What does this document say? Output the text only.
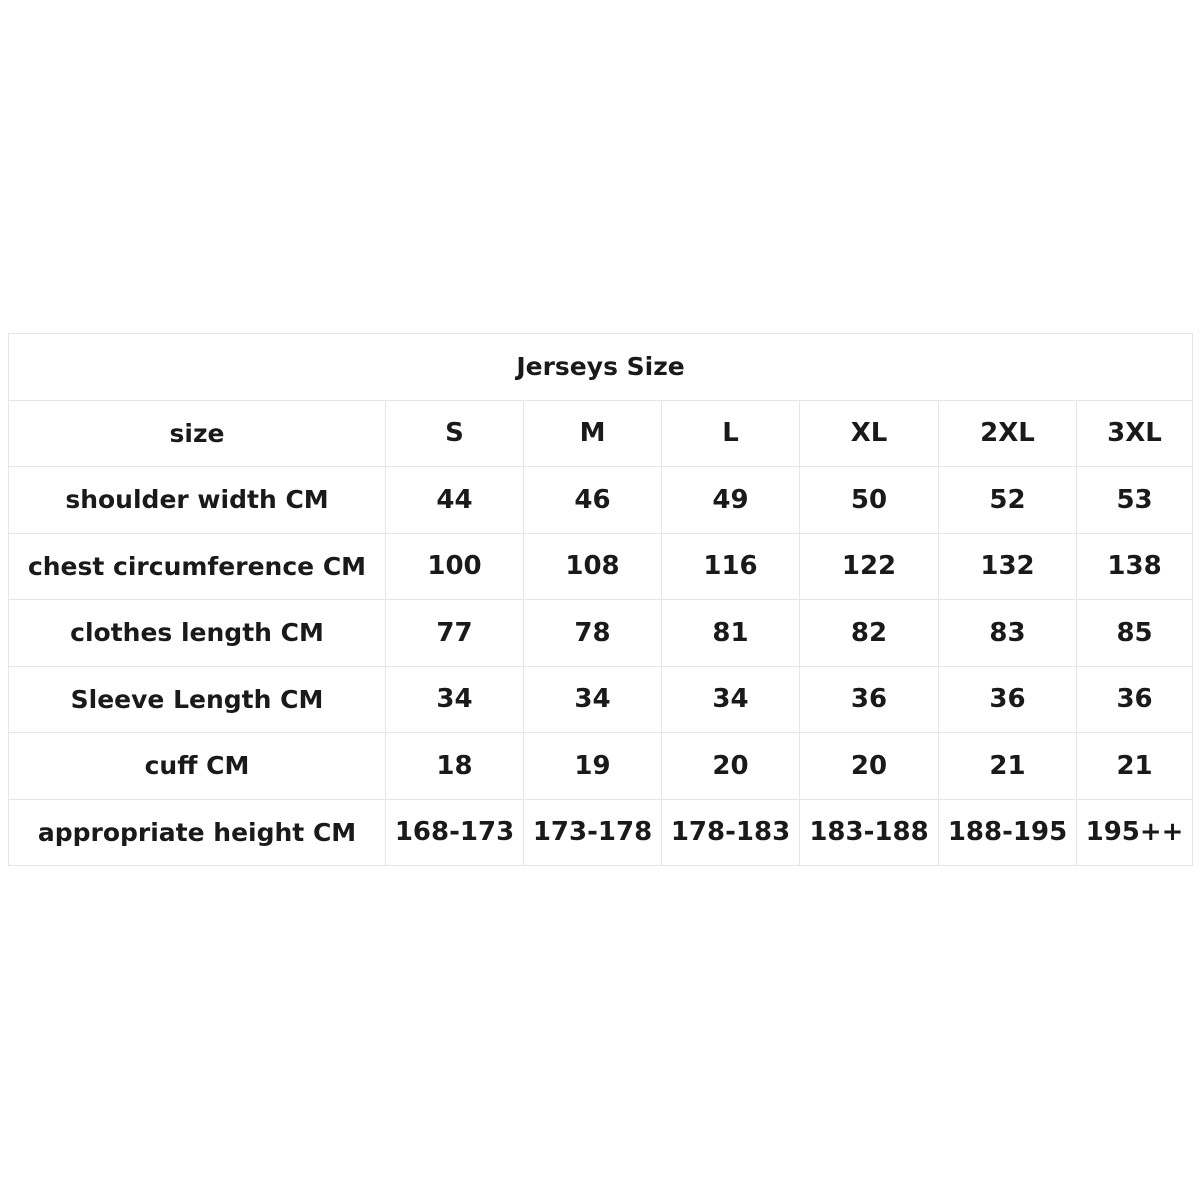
Jerseys Size						
size	S	M	L	XL	2XL	3XL
shoulder width CM	44	46	49	50	52	53
chest circumference CM	100	108	116	122	132	138
clothes length CM	77	78	81	82	83	85
Sleeve Length CM	34	34	34	36	36	36
cuff CM	18	19	20	20	21	21
appropriate height CM	168-173	173-178	178-183	183-188	188-195	195++
